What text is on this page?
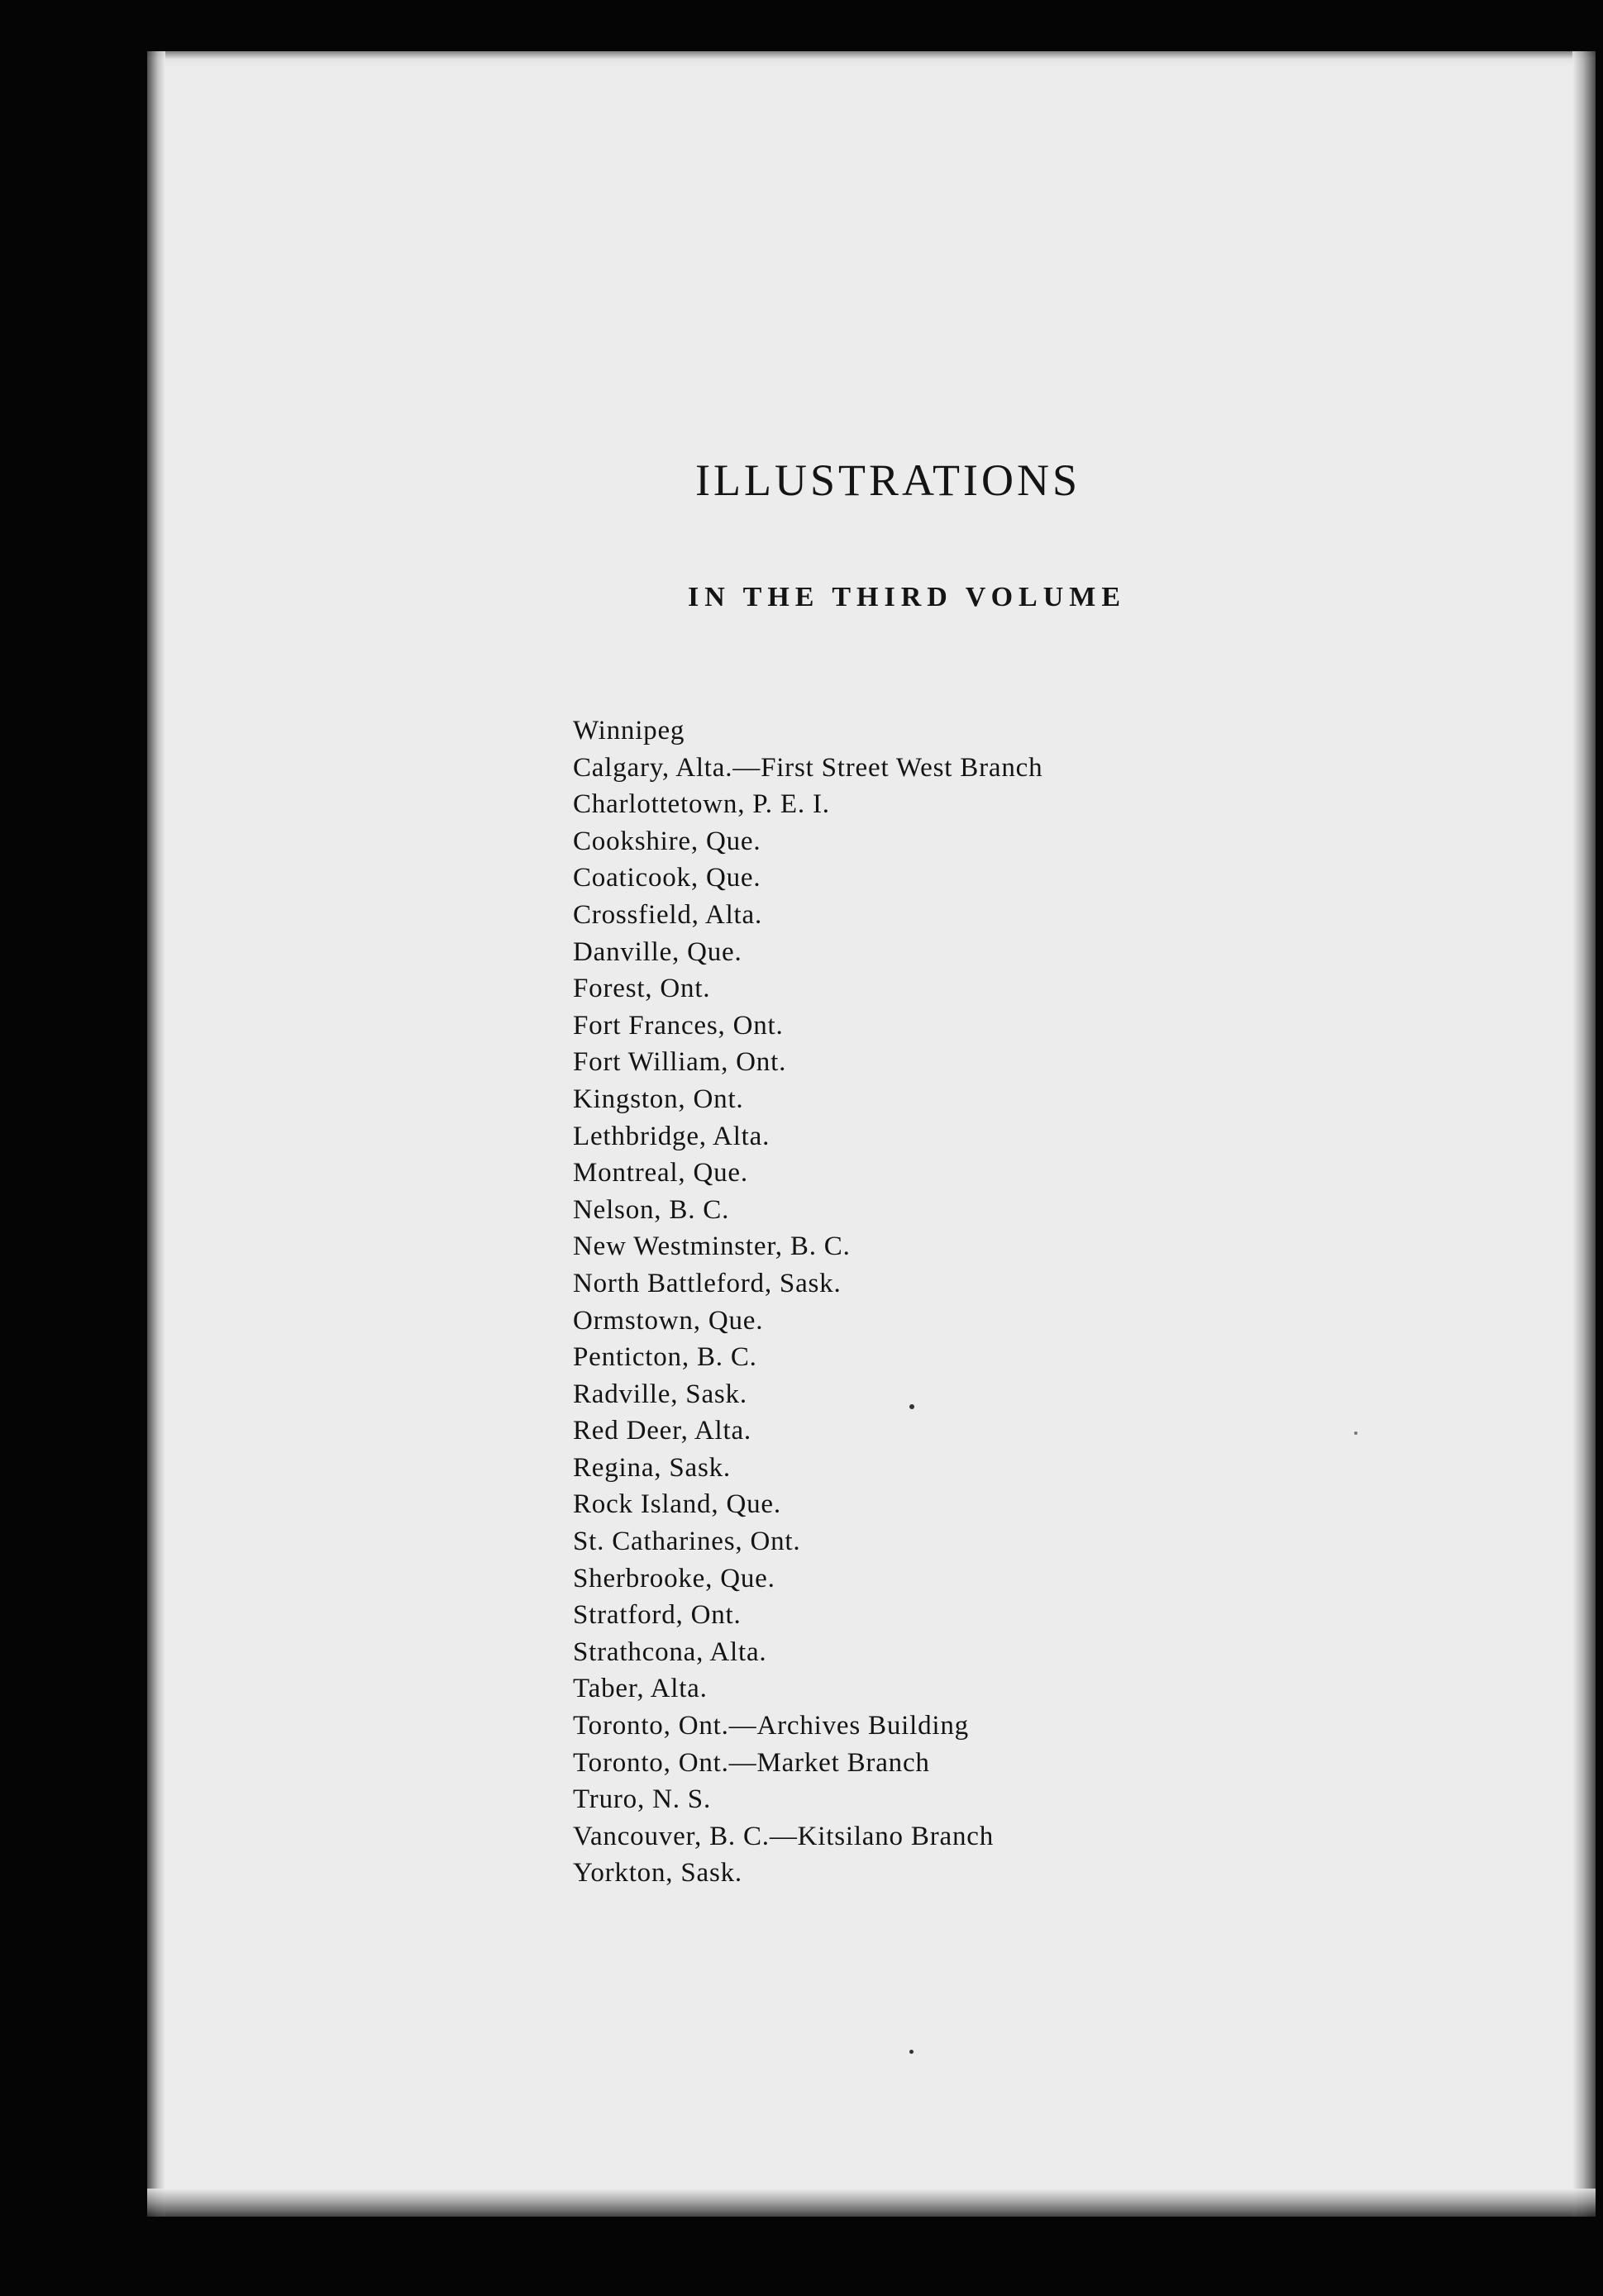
ILLUSTRATIONS
IN THE THIRD VOLUME
Winnipeg
Calgary, Alta.—First Street West Branch
Charlottetown, P. E. I.
Cookshire, Que.
Coaticook, Que.
Crossfield, Alta.
Danville, Que.
Forest, Ont.
Fort Frances, Ont.
Fort William, Ont.
Kingston, Ont.
Lethbridge, Alta.
Montreal, Que.
Nelson, B. C.
New Westminster, B. C.
North Battleford, Sask.
Ormstown, Que.
Penticton, B. C.
Radville, Sask.
Red Deer, Alta.
Regina, Sask.
Rock Island, Que.
St. Catharines, Ont.
Sherbrooke, Que.
Stratford, Ont.
Strathcona, Alta.
Taber, Alta.
Toronto, Ont.—Archives Building
Toronto, Ont.—Market Branch
Truro, N. S.
Vancouver, B. C.—Kitsilano Branch
Yorkton, Sask.
